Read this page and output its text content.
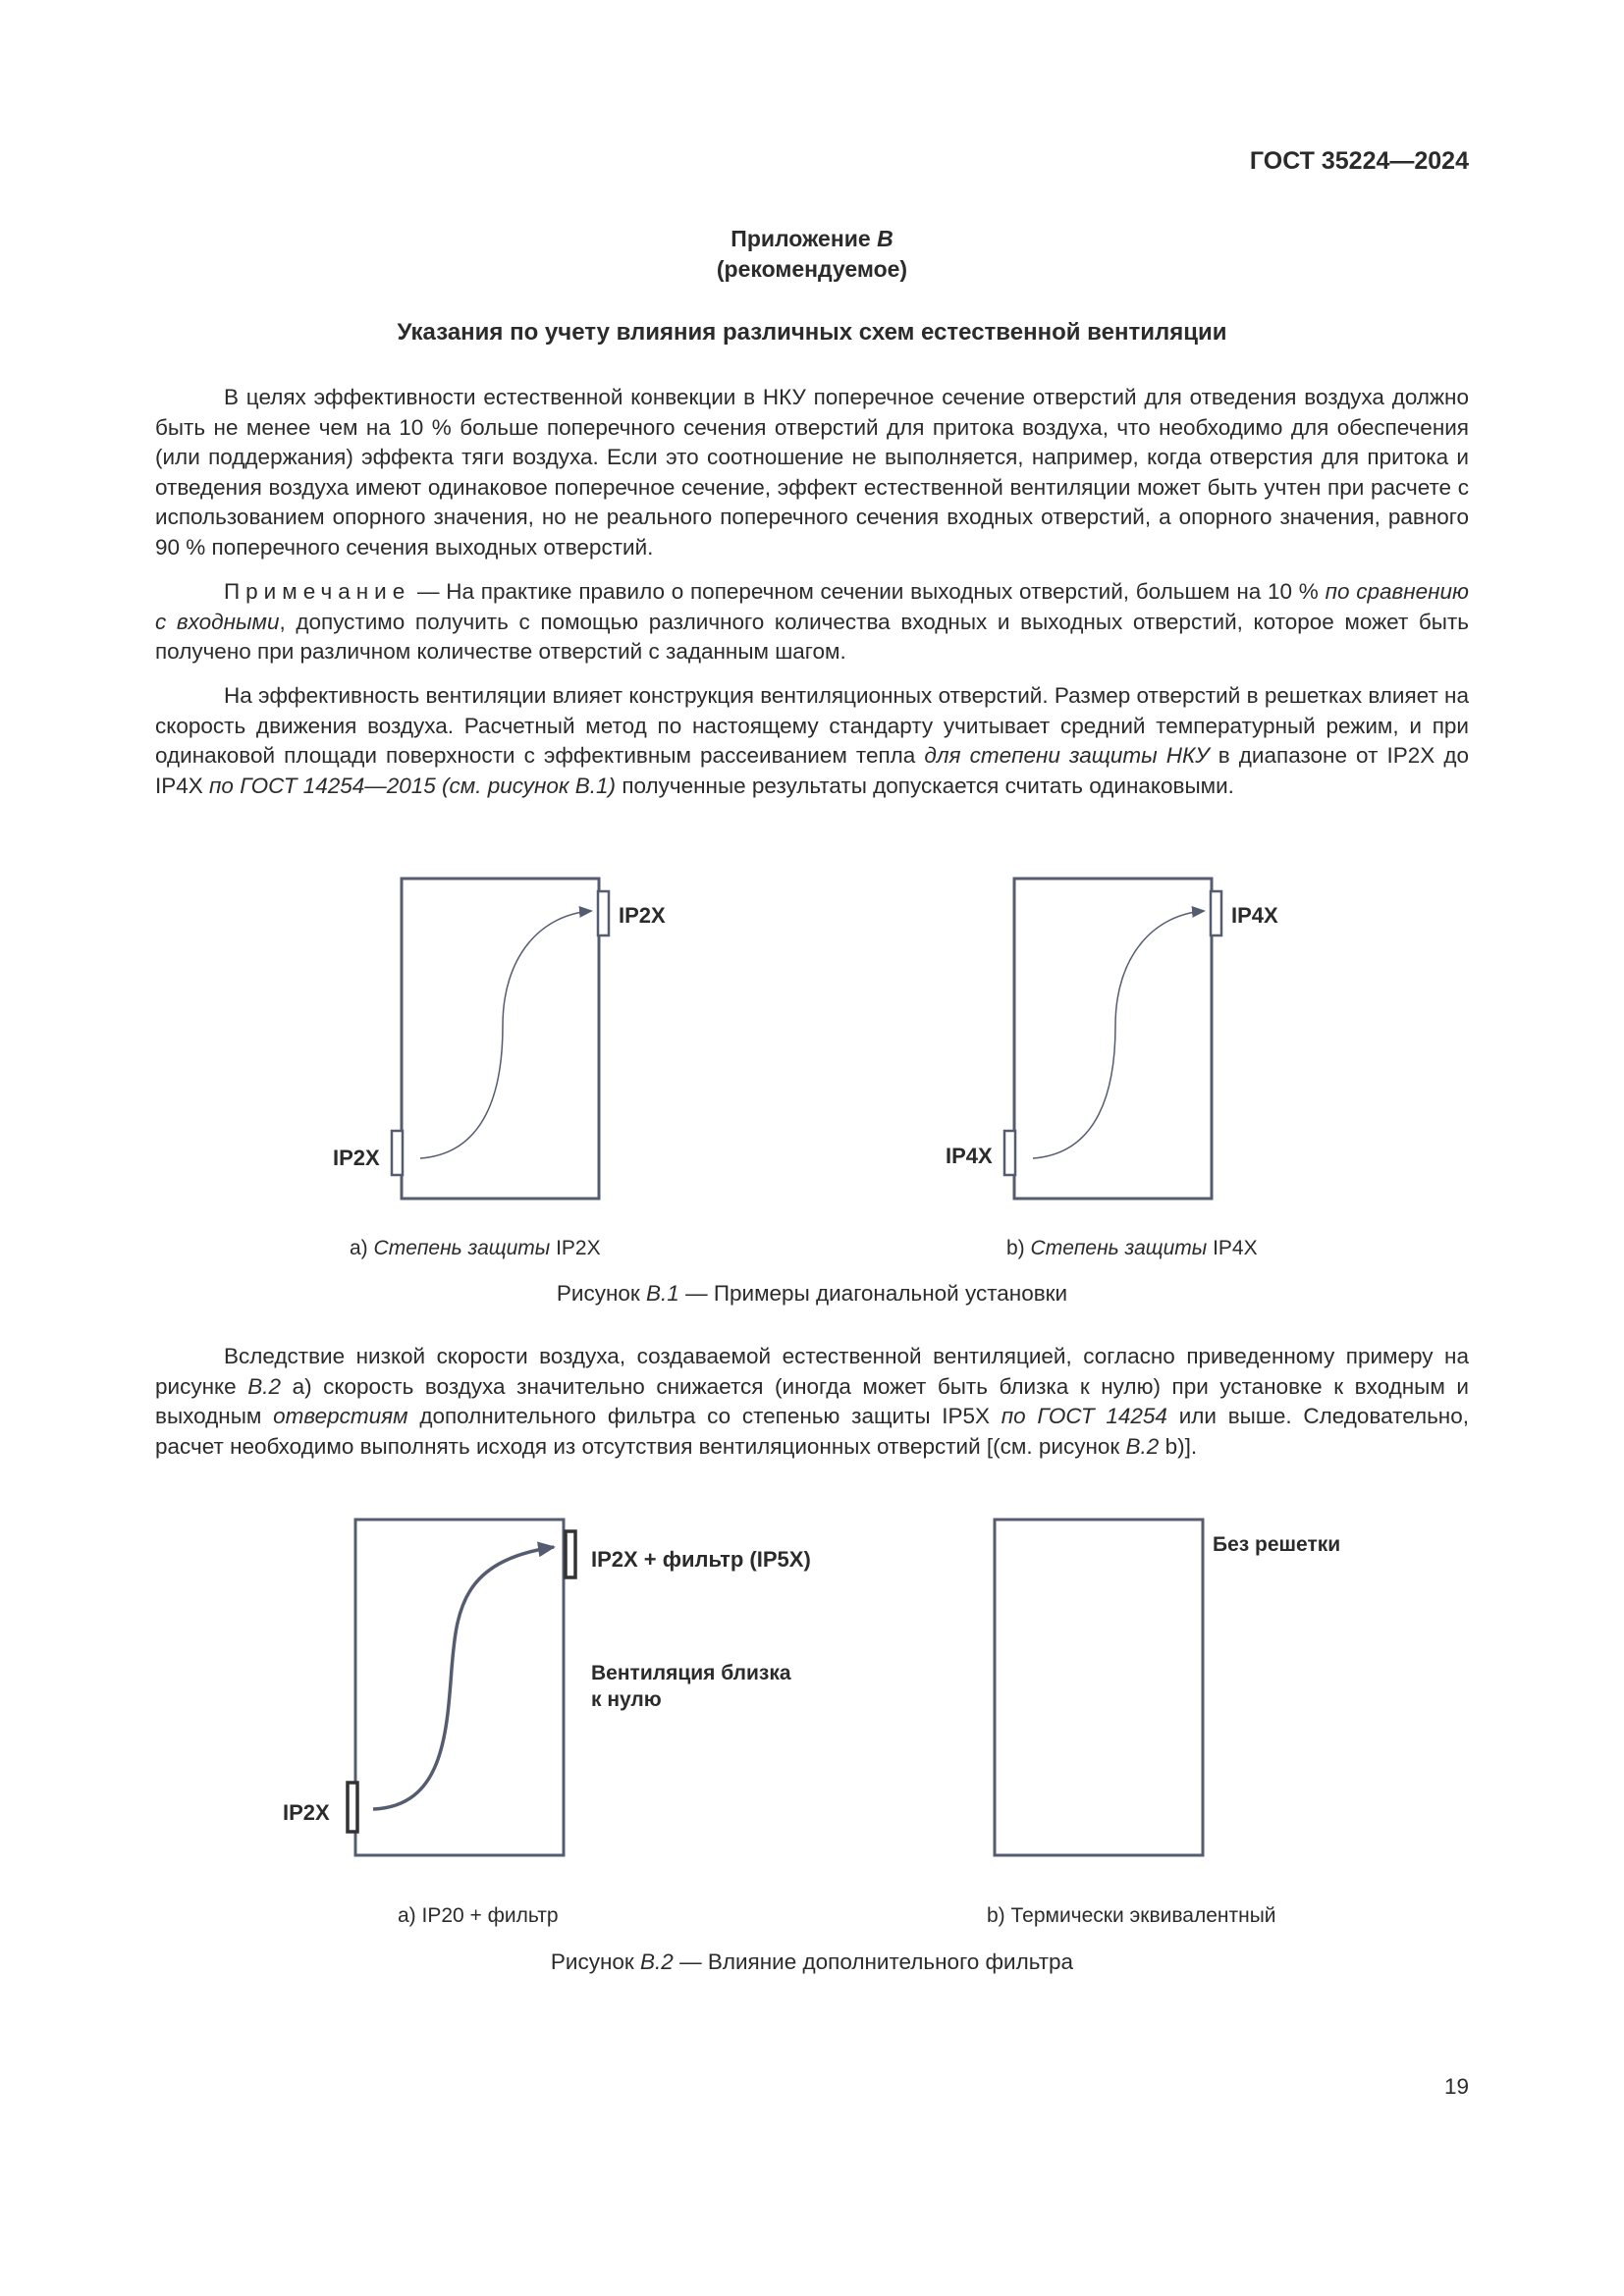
ГОСТ 35224—2024
Приложение В
(рекомендуемое)
Указания по учету влияния различных схем естественной вентиляции

В целях эффективности естественной конвекции в НКУ поперечное сечение отверстий для отведения воздуха должно быть не менее чем на 10 % больше поперечного сечения отверстий для притока воздуха, что необходимо для обеспечения (или поддержания) эффекта тяги воздуха. Если это соотношение не выполняется, например, когда отверстия для притока и отведения воздуха имеют одинаковое поперечное сечение, эффект естественной вентиляции может быть учтен при расчете с использованием опорного значения, но не реального поперечного сечения входных отверстий, а опорного значения, равного 90 % поперечного сечения выходных отверстий.

Примечание — На практике правило о поперечном сечении выходных отверстий, большем на 10 % по сравнению с входными, допустимо получить с помощью различного количества входных и выходных отверстий, которое может быть получено при различном количестве отверстий с заданным шагом.

На эффективность вентиляции влияет конструкция вентиляционных отверстий. Размер отверстий в решетках влияет на скорость движения воздуха. Расчетный метод по настоящему стандарту учитывает средний температурный режим, и при одинаковой площади поверхности с эффективным рассеиванием тепла для степени защиты НКУ в диапазоне от IP2X до IP4X по ГОСТ 14254—2015 (см. рисунок В.1) полученные результаты допускается считать одинаковыми.

IP2X
IP2X
IP4X
IP4X
а) Степень защиты IP2X	b) Степень защиты IP4X
Рисунок В.1 — Примеры диагональной установки

Вследствие низкой скорости воздуха, создаваемой естественной вентиляцией, согласно приведенному примеру на рисунке В.2 а) скорость воздуха значительно снижается (иногда может быть близка к нулю) при установке к входным и выходным отверстиям дополнительного фильтра со степенью защиты IP5X по ГОСТ 14254 или выше. Следовательно, расчет необходимо выполнять исходя из отсутствия вентиляционных отверстий [(см. рисунок В.2 b)].

IP2X + фильтр (IP5X)
Вентиляция близка
к нулю
IP2X
Без решетки
а) IP20 + фильтр	b) Термически эквивалентный
Рисунок В.2 — Влияние дополнительного фильтра
19
